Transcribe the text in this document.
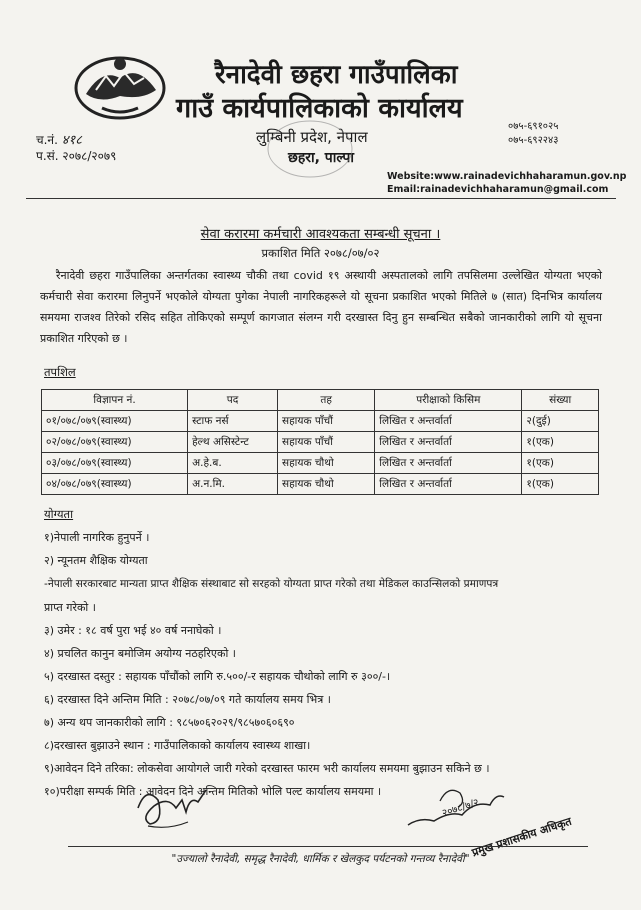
रैनादेवी छहरा गाउँपालिका
गाउँ कार्यपालिकाको कार्यालय
लुम्बिनी प्रदेश, नेपाल
छहरा, पाल्पा
च.नं. ४१८
प.सं. २०७८/२०७९
०७५-६९१०२५
०७५-६९२२४३
Website:www.rainadevichhaharamun.gov.np
Email:rainadevichhaharamun@gmail.com
सेवा करारमा कर्मचारी आवश्यकता सम्बन्धी सूचना ।
प्रकाशित मिति २०७८/०७/०२
रैनादेवी छहरा गाउँपालिका अन्तर्गतका स्वास्थ्य चौकी तथा covid १९ अस्थायी अस्पतालको लागि तपसिलमा उल्लेखित योग्यता भएको कर्मचारी सेवा करारमा लिनुपर्ने भएकोले योग्यता पुगेका नेपाली नागरिकहरूले यो सूचना प्रकाशित भएको मितिले ७ (सात) दिनभित्र कार्यालय समयमा राजश्व तिरेको रसिद सहित तोकिएको सम्पूर्ण कागजात संलग्न गरी दरखास्त दिनु हुन सम्बन्धित सबैको जानकारीको लागि यो सूचना प्रकाशित गरिएको छ ।
तपशिल
विज्ञापन नं.	पद	तह	परीक्षाको किसिम	संख्या
०१/०७८/०७९(स्वास्थ्य)	स्टाफ नर्स	सहायक पाँचौं	लिखित र अन्तर्वार्ता	२(दुई)
०२/०७८/०७९(स्वास्थ्य)	हेल्थ असिस्टेन्ट	सहायक पाँचौं	लिखित र अन्तर्वार्ता	१(एक)
०३/०७८/०७९(स्वास्थ्य)	अ.हे.ब.	सहायक चौथो	लिखित र अन्तर्वार्ता	१(एक)
०४/०७८/०७९(स्वास्थ्य)	अ.न.मि.	सहायक चौथो	लिखित र अन्तर्वार्ता	१(एक)
योग्यता
१)नेपाली नागरिक हुनुपर्ने ।
२) न्यूनतम शैक्षिक योग्यता
-नेपाली सरकारबाट मान्यता प्राप्त शैक्षिक संस्थाबाट सो सरहको योग्यता प्राप्त गरेको तथा मेडिकल काउन्सिलको प्रमाणपत्र
प्राप्त गरेको ।
३) उमेर : १८ वर्ष पुरा भई ४० वर्ष ननाघेको ।
४) प्रचलित कानुन बमोजिम अयोग्य नठहरिएको ।
५) दरखास्त दस्तुर : सहायक पाँचौंको लागि रु.५००/-र सहायक चौथोको लागि रु ३००/-।
६) दरखास्त दिने अन्तिम मिति : २०७८/०७/०९ गते कार्यालय समय भित्र ।
७) अन्य थप जानकारीको लागि : ९८५७०६२०२९/९८५७०६०६९०
८)दरखास्त बुझाउने स्थान : गाउँपालिकाको कार्यालय स्वास्थ्य शाखा।
९)आवेदन दिने तरिका: लोकसेवा आयोगले जारी गरेको दरखास्त फारम भरी कार्यालय समयमा बुझाउन सकिने छ ।
१०)परीक्षा सम्पर्क मिति : आवेदन दिने अन्तिम मितिको भोलि पल्ट कार्यालय समयमा ।
२०७८/७/२
प्रमुख प्रशासकीय अधिकृत
"उज्यालो रैनादेवी, समृद्ध रैनादेवी, धार्मिक र खेलकुद पर्यटनको गन्तव्य रैनादेवी"
